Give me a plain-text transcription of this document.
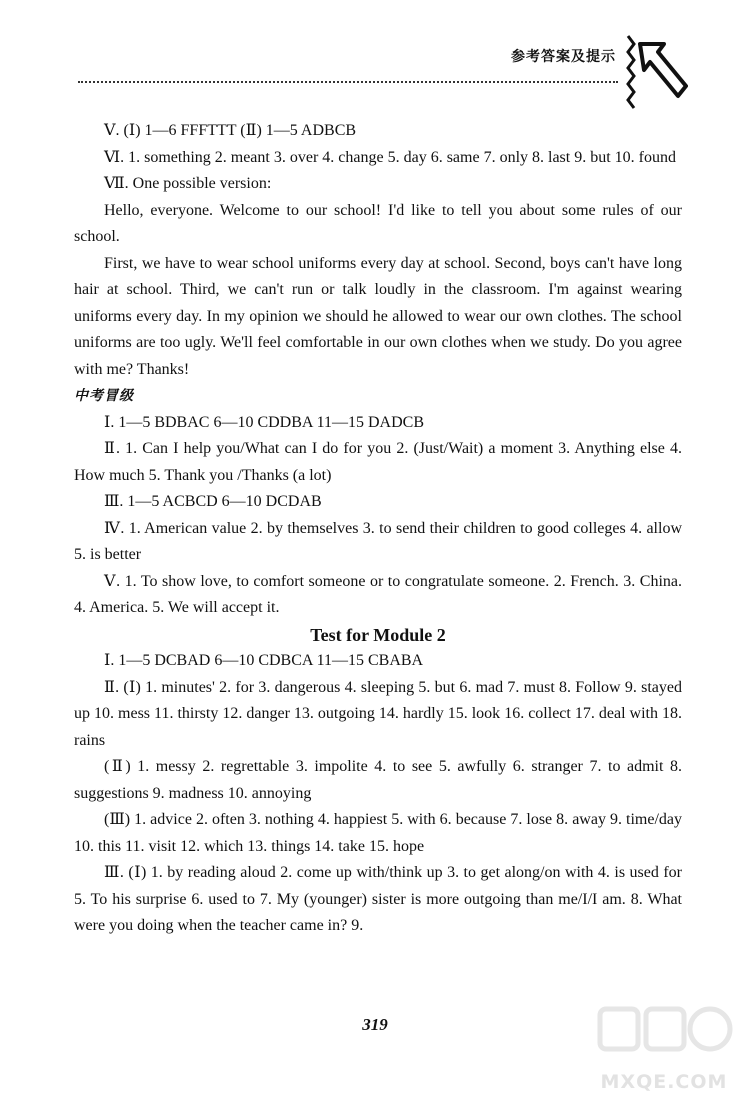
参考答案及提示

Ⅴ. (Ⅰ) 1—6 FFFTTT (Ⅱ) 1—5 ADBCB

Ⅵ. 1. something 2. meant 3. over 4. change 5. day 6. same 7. only 8. last 9. but 10. found

Ⅶ. One possible version:

Hello, everyone. Welcome to our school! I'd like to tell you about some rules of our school.

First, we have to wear school uniforms every day at school. Second, boys can't have long hair at school. Third, we can't run or talk loudly in the classroom. I'm against wearing uniforms every day. In my opinion we should he allowed to wear our own clothes. The school uniforms are too ugly. We'll feel comfortable in our own clothes when we study. Do you agree with me? Thanks!

中考冒级

Ⅰ. 1—5 BDBAC 6—10 CDDBA 11—15 DADCB

Ⅱ. 1. Can I help you/What can I do for you 2. (Just/Wait) a moment 3. Anything else 4. How much 5. Thank you /Thanks (a lot)

Ⅲ. 1—5 ACBCD 6—10 DCDAB

Ⅳ. 1. American value 2. by themselves 3. to send their children to good colleges 4. allow 5. is better

Ⅴ. 1. To show love, to comfort someone or to congratulate someone. 2. French. 3. China. 4. America. 5. We will accept it.

Test for Module 2

Ⅰ. 1—5 DCBAD 6—10 CDBCA 11—15 CBABA

Ⅱ. (Ⅰ) 1. minutes' 2. for 3. dangerous 4. sleeping 5. but 6. mad 7. must 8. Follow 9. stayed up 10. mess 11. thirsty 12. danger 13. outgoing 14. hardly 15. look 16. collect 17. deal with 18. rains

(Ⅱ) 1. messy 2. regrettable 3. impolite 4. to see 5. awfully 6. stranger 7. to admit 8. suggestions 9. madness 10. annoying

(Ⅲ) 1. advice 2. often 3. nothing 4. happiest 5. with 6. because 7. lose 8. away 9. time/day 10. this 11. visit 12. which 13. things 14. take 15. hope

Ⅲ. (Ⅰ) 1. by reading aloud 2. come up with/think up 3. to get along/on with 4. is used for 5. To his surprise 6. used to 7. My (younger) sister is more outgoing than me/I/I am. 8. What were you doing when the teacher came in? 9.

319
MXQE.COM
